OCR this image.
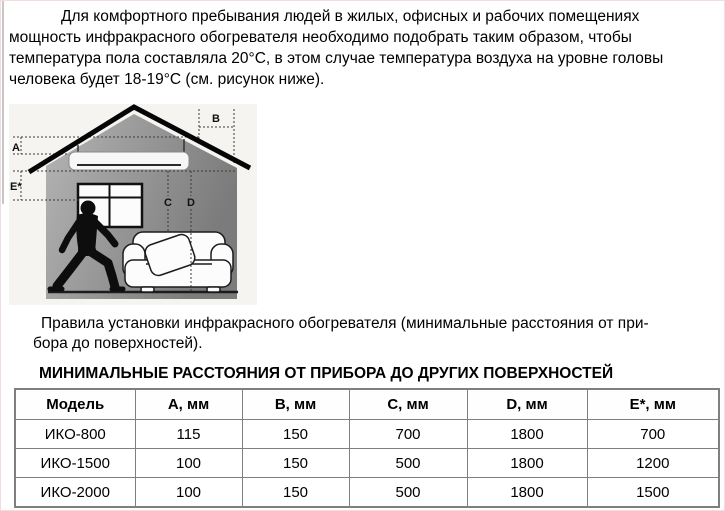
Для комфортного пребывания людей в жилых, офисных и рабочих помещениях
мощность инфракрасного обогревателя необходимо подобрать таким образом, чтобы
температура пола составляла 20°С, в этом случае температура воздуха на уровне головы
человека будет 18-19°С (см. рисунок ниже).
A
E*
B
C D
Правила установки инфракрасного обогревателя (минимальные расстояния от при-
бора до поверхностей).
МИНИМАЛЬНЫЕ РАССТОЯНИЯ ОТ ПРИБОРА ДО ДРУГИХ ПОВЕРХНОСТЕЙ
Модель	A, мм	B, мм	C, мм	D, мм	E*, мм
ИКО-800	115	150	700	1800	700
ИКО-1500	100	150	500	1800	1200
ИКО-2000	100	150	500	1800	1500
